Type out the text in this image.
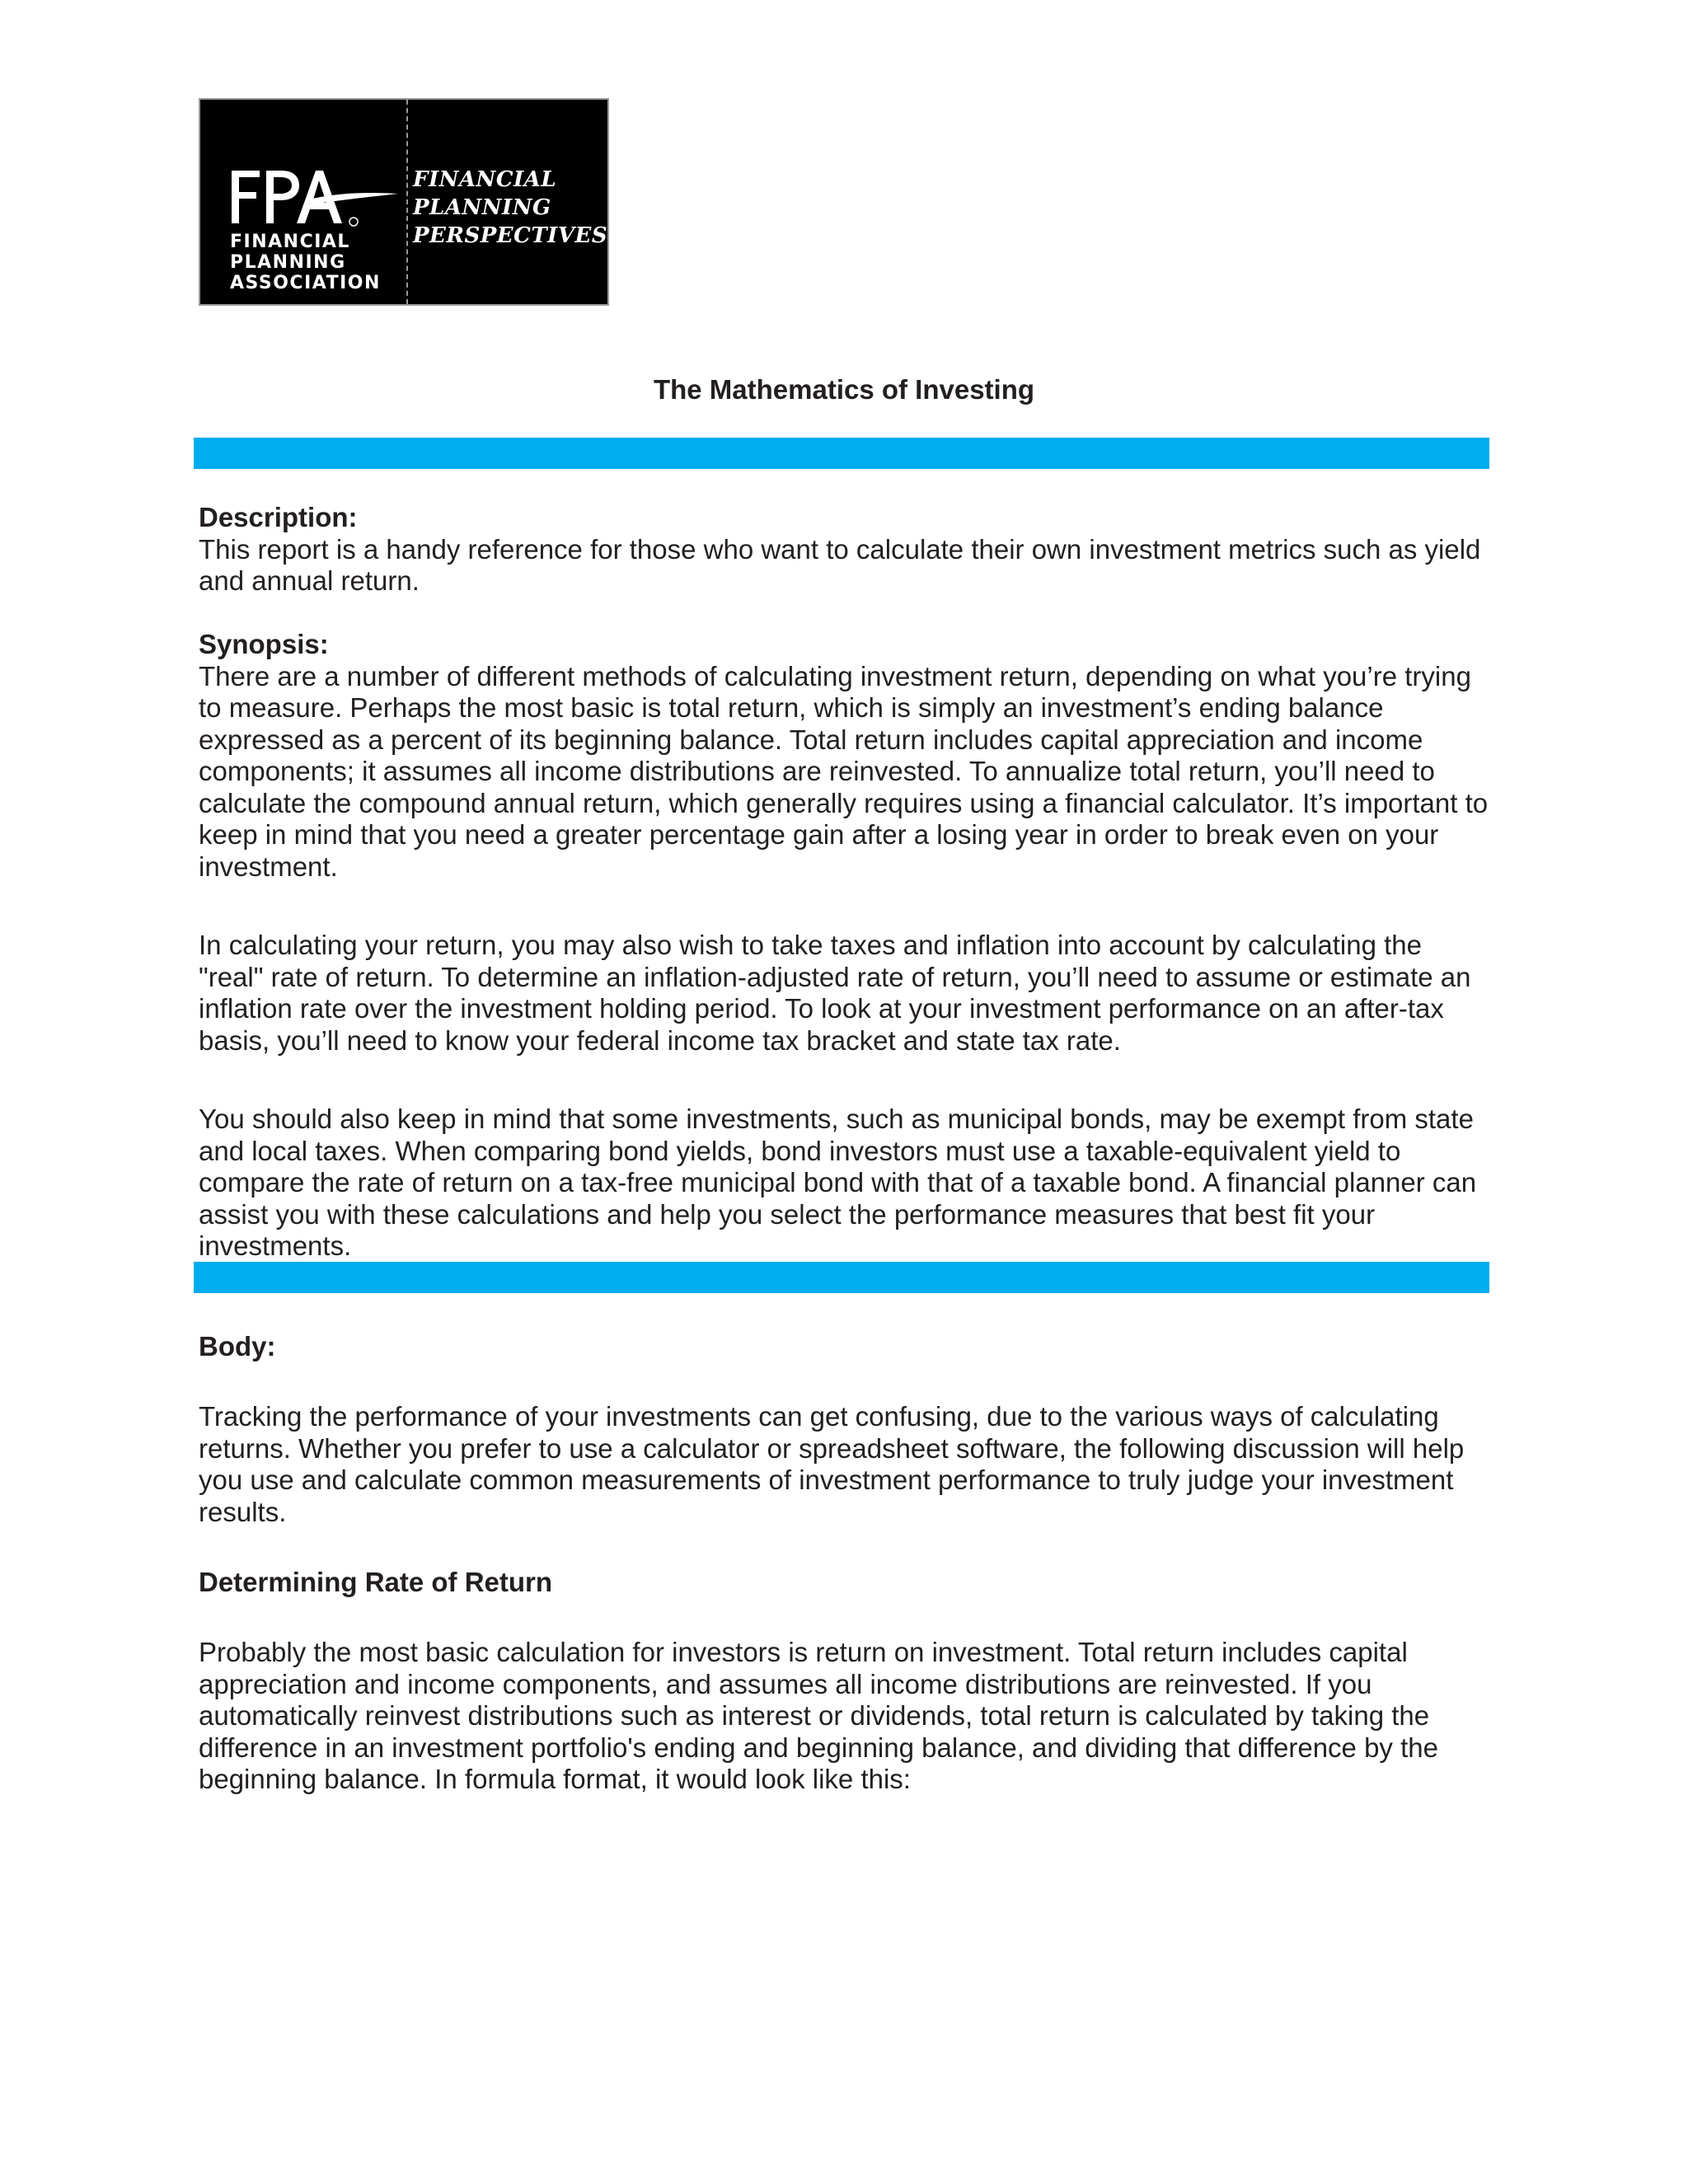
FINANCIAL
PLANNING
ASSOCIATION
FINANCIAL
PLANNING
PERSPECTIVES
The Mathematics of Investing
Description:

This report is a handy reference for those who want to calculate their own investment metrics such as yield and annual return.

Synopsis:

There are a number of different methods of calculating investment return, depending on what you’re trying to measure. Perhaps the most basic is total return, which is simply an investment’s ending balance expressed as a percent of its beginning balance. Total return includes capital appreciation and income components; it assumes all income distributions are reinvested. To annualize total return, you’ll need to calculate the compound annual return, which generally requires using a financial calculator. It’s important to keep in mind that you need a greater percentage gain after a losing year in order to break even on your investment.

In calculating your return, you may also wish to take taxes and inflation into account by calculating the "real" rate of return. To determine an inflation-adjusted rate of return, you’ll need to assume or estimate an inflation rate over the investment holding period. To look at your investment performance on an after-tax basis, you’ll need to know your federal income tax bracket and state tax rate.

You should also keep in mind that some investments, such as municipal bonds, may be exempt from state and local taxes. When comparing bond yields, bond investors must use a taxable-equivalent yield to compare the rate of return on a tax-free municipal bond with that of a taxable bond. A financial planner can assist you with these calculations and help you select the performance measures that best fit your investments.

Body:

Tracking the performance of your investments can get confusing, due to the various ways of calculating returns. Whether you prefer to use a calculator or spreadsheet software, the following discussion will help you use and calculate common measurements of investment performance to truly judge your investment results.

Determining Rate of Return

Probably the most basic calculation for investors is return on investment. Total return includes capital appreciation and income components, and assumes all income distributions are reinvested. If you automatically reinvest distributions such as interest or dividends, total return is calculated by taking the difference in an investment portfolio's ending and beginning balance, and dividing that difference by the beginning balance. In formula format, it would look like this:
